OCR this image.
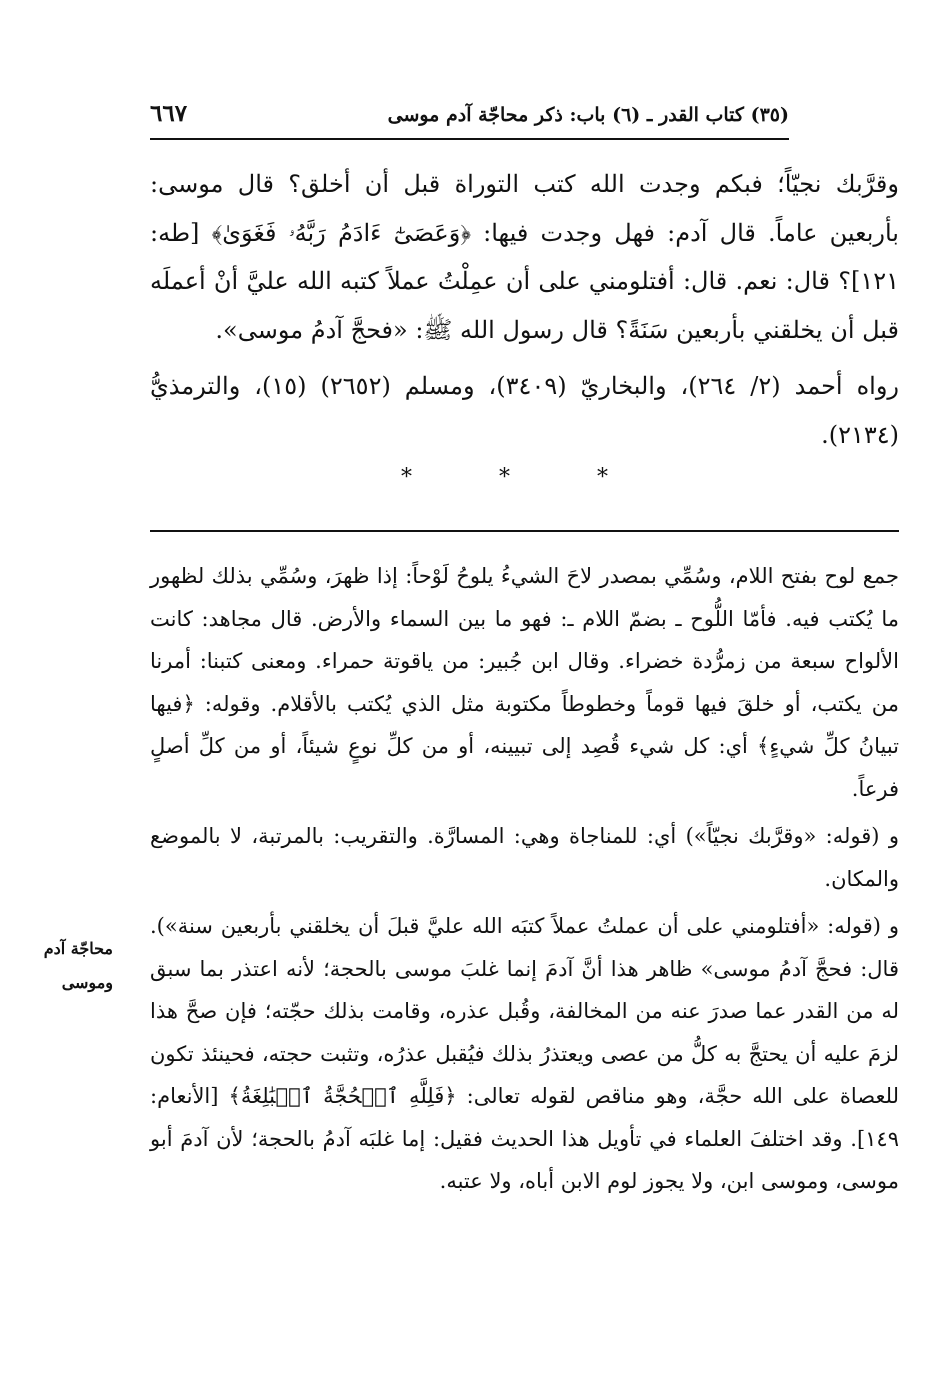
(٣٥) كتاب القدر ـ (٦) باب: ذكر محاجّة آدم موسى
٦٦٧

وقرَّبك نجيّاً؛ فبكم وجدت الله كتب التوراة قبل أن أخلق؟ قال موسى: بأربعين عاماً. قال آدم: فهل وجدت فيها: ﴿وَعَصَىٰٓ ءَادَمُ رَبَّهُۥ فَغَوَىٰ﴾ [طه: ١٢١]؟ قال: نعم. قال: أفتلومني على أن عمِلْتُ عملاً كتبه الله عليَّ أنْ أعملَه قبل أن يخلقني بأربعين سَنَةً؟ قال رسول الله ﷺ: «فحجَّ آدمُ موسى».

رواه أحمد (٢/ ٢٦٤)، والبخاريّ (٣٤٠٩)، ومسلم (٢٦٥٢) (١٥)، والترمذيُّ (٢١٣٤).

* * *

جمع لوح بفتح اللام، وسُمِّي بمصدر لاحَ الشيءُ يلوحُ لَوْحاً: إذا ظهرَ، وسُمِّي بذلك لظهور ما يُكتب فيه. فأمّا اللُّوح ـ بضمّ اللام ـ: فهو ما بين السماء والأرض. قال مجاهد: كانت الألواح سبعة من زمرُّدة خضراء. وقال ابن جُبير: من ياقوتة حمراء. ومعنى كتبنا: أمرنا من يكتب، أو خلقَ فيها قوماً وخطوطاً مكتوبة مثل الذي يُكتب بالأقلام. وقوله: ﴿فيها تبيانُ كلِّ شيءٍ﴾ أي: كل شيء قُصِد إلى تبيينه، أو من كلِّ نوعٍ شيئاً، أو من كلِّ أصلٍ فرعاً.

و (قوله: «وقرَّبك نجيّاً») أي: للمناجاة وهي: المسارَّة. والتقريب: بالمرتبة، لا بالموضع والمكان.

و (قوله: «أفتلومني على أن عملتُ عملاً كتبَه الله عليَّ قبلَ أن يخلقني بأربعين سنة»). قال: فحجَّ آدمُ موسى» ظاهر هذا أنَّ آدمَ إنما غلبَ موسى بالحجة؛ لأنه اعتذر بما سبق له من القدر عما صدرَ عنه من المخالفة، وقُبل عذره، وقامت بذلك حجّته؛ فإن صحَّ هذا لزمَ عليه أن يحتجَّ به كلُّ من عصى ويعتذرُ بذلك فيُقبل عذرُه، وتثبت حجته، فحينئذ تكون للعصاة على الله حجَّة، وهو مناقص لقوله تعالى: ﴿فَلِلَّهِ ٱلۡحُجَّةُ ٱلۡبَٰلِغَةُ﴾ [الأنعام: ١٤٩]. وقد اختلفَ العلماء في تأويل هذا الحديث فقيل: إما غلبَه آدمُ بالحجة؛ لأن آدمَ أبو موسى، وموسى ابن، ولا يجوز لوم الابن أباه، ولا عتبه.

محاجّة آدم وموسى
